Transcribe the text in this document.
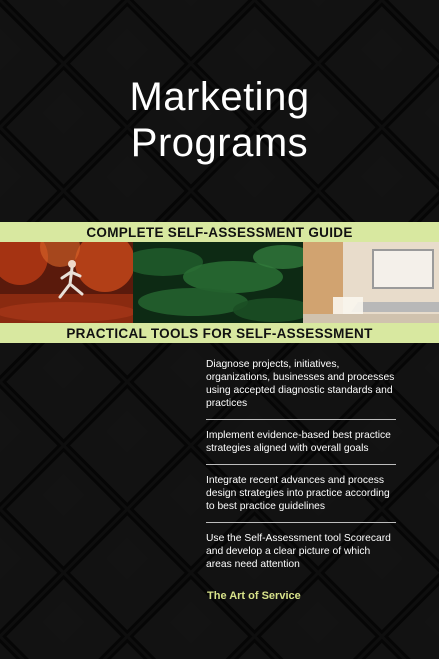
Marketing
Programs
COMPLETE SELF-ASSESSMENT GUIDE
PRACTICAL TOOLS FOR SELF-ASSESSMENT
Diagnose projects, initiatives, organizations, businesses and processes using accepted diagnostic standards and practices
Implement evidence-based best practice strategies aligned with overall goals
Integrate recent advances and process design strategies into practice according to best practice guidelines
Use the Self-Assessment tool Scorecard and develop a clear picture of which areas need attention
The Art of Service
